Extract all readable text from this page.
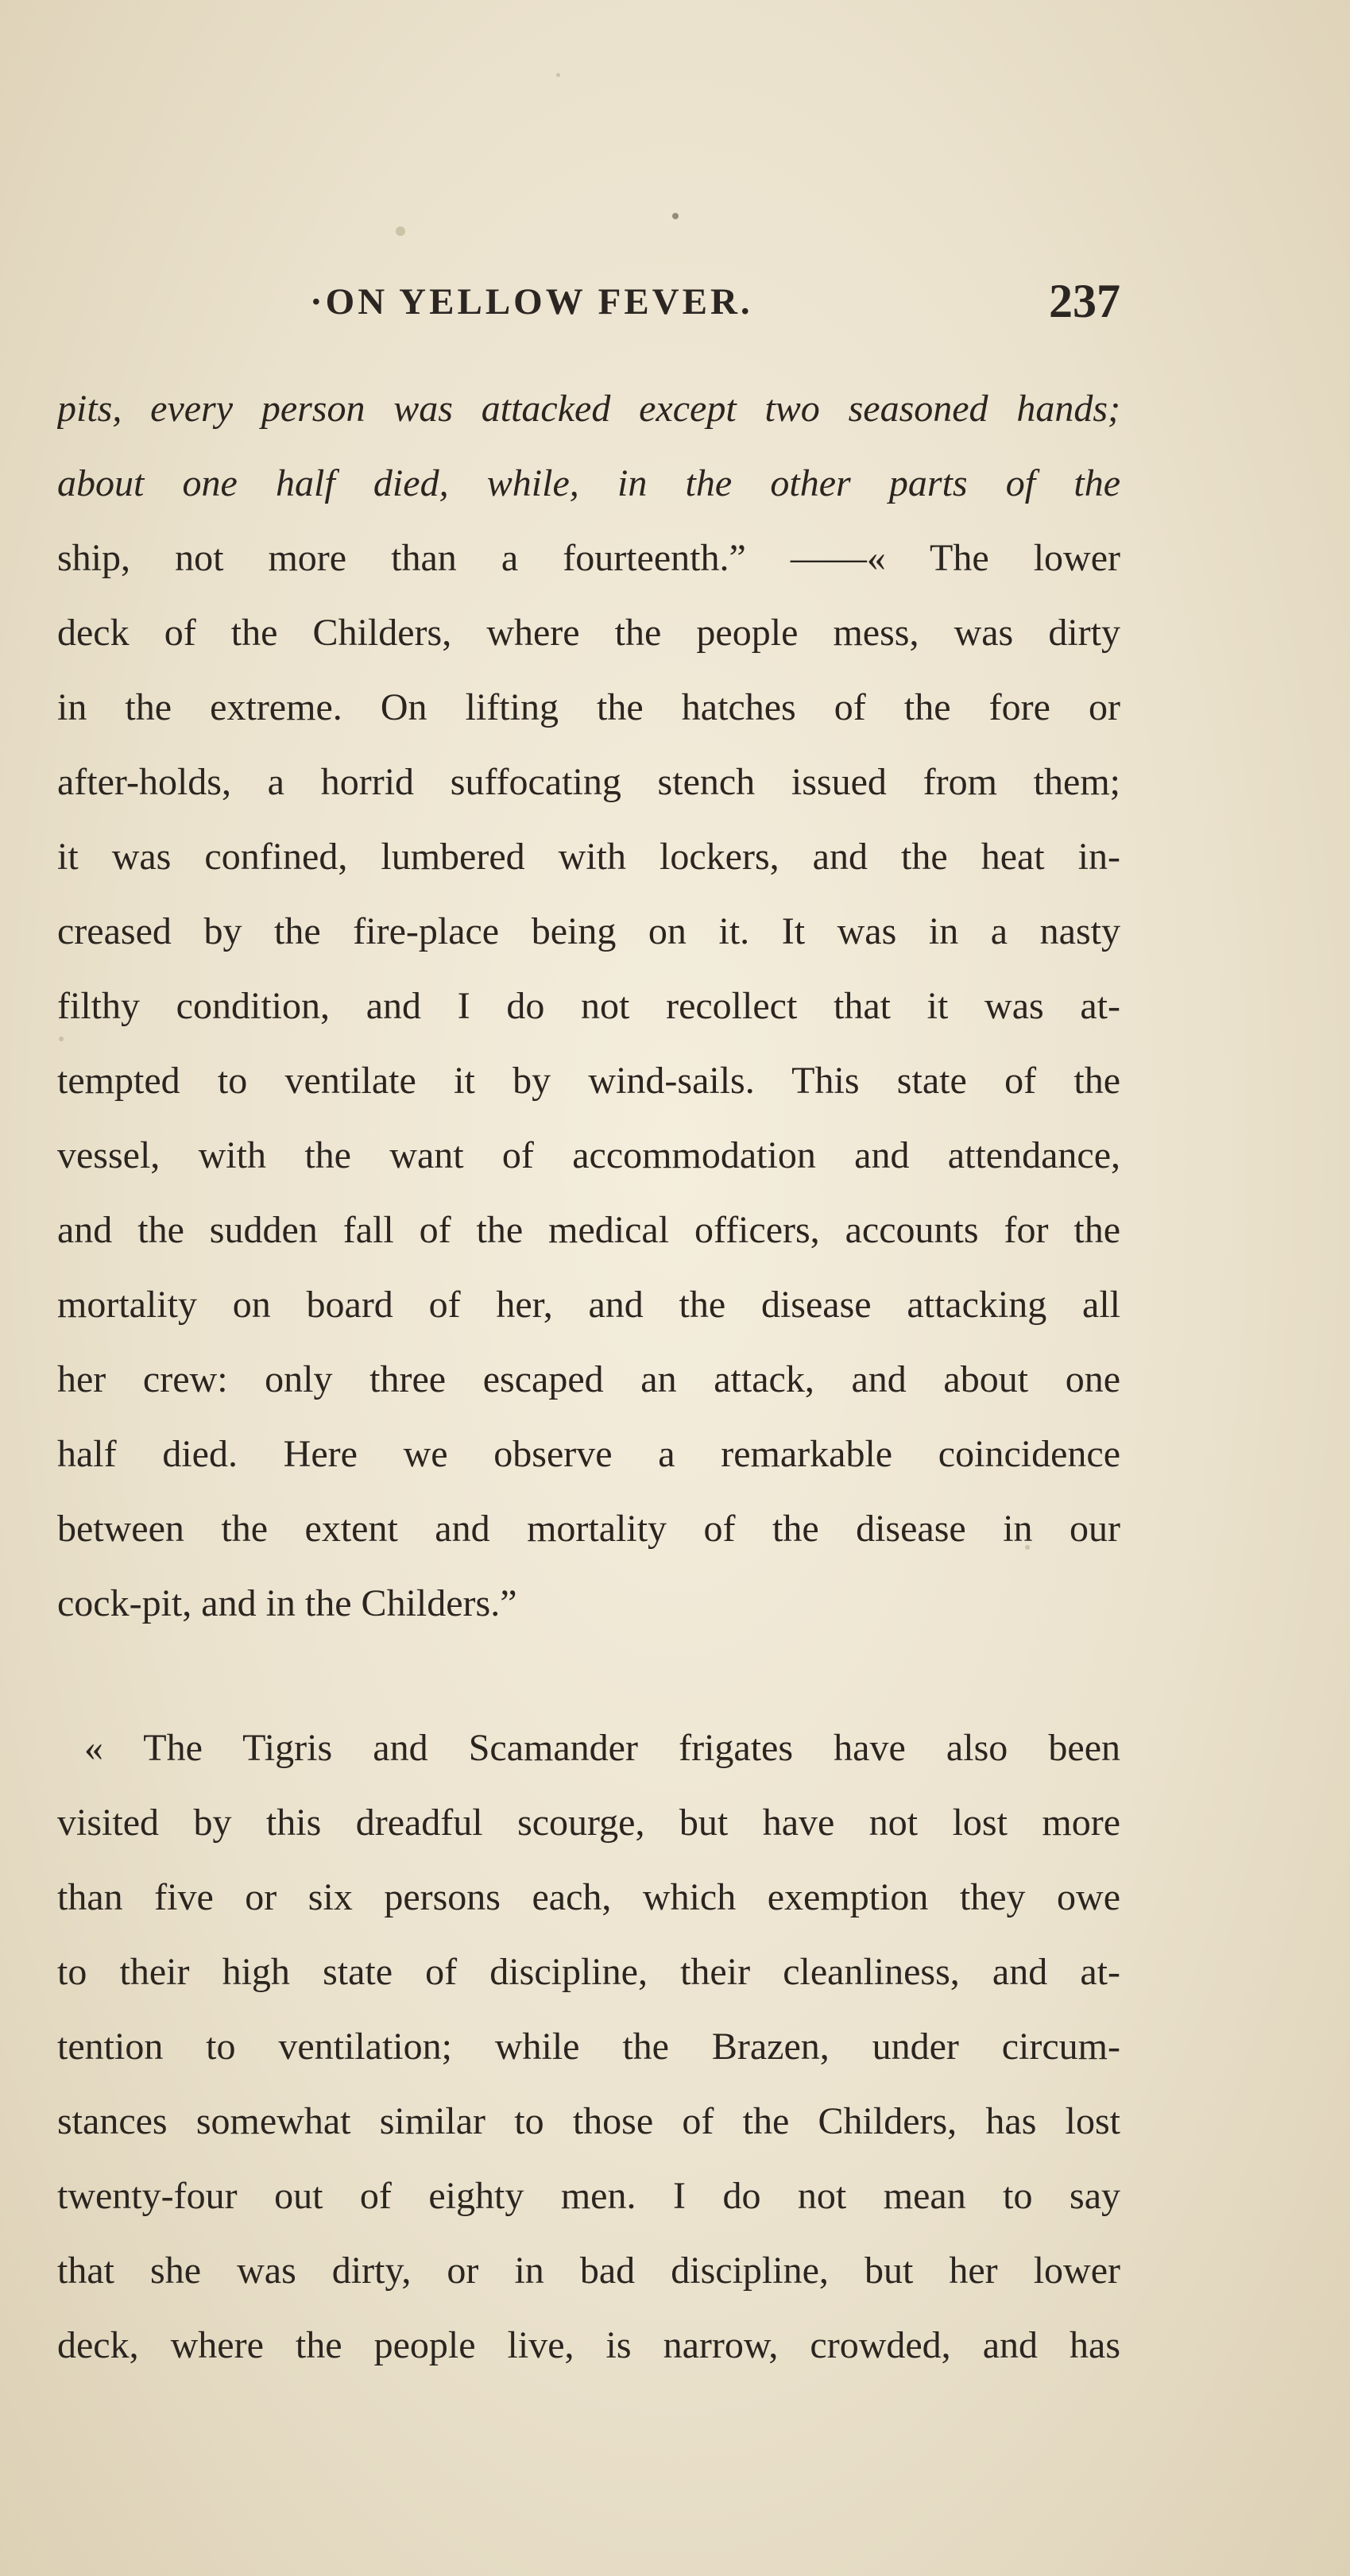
·ON YELLOW FEVER.	237
pits, every person was attacked except two seasoned hands;
about one half died, while, in the other parts of the
ship, not more than a fourteenth.” ——« The lower
deck of the Childers, where the people mess, was dirty
in the extreme. On lifting the hatches of the fore or
after-holds, a horrid suffocating stench issued from them;
it was confined, lumbered with lockers, and the heat in-
creased by the fire-place being on it. It was in a nasty
filthy condition, and I do not recollect that it was at-
tempted to ventilate it by wind-sails. This state of the
vessel, with the want of accommodation and attendance,
and the sudden fall of the medical officers, accounts for the
mortality on board of her, and the disease attacking all
her crew: only three escaped an attack, and about one
half died. Here we observe a remarkable coincidence
between the extent and mortality of the disease in our
cock-pit, and in the Childers.”
« The Tigris and Scamander frigates have also been
visited by this dreadful scourge, but have not lost more
than five or six persons each, which exemption they owe
to their high state of discipline, their cleanliness, and at-
tention to ventilation; while the Brazen, under circum-
stances somewhat similar to those of the Childers, has lost
twenty-four out of eighty men. I do not mean to say
that she was dirty, or in bad discipline, but her lower
deck, where the people live, is narrow, crowded, and has
